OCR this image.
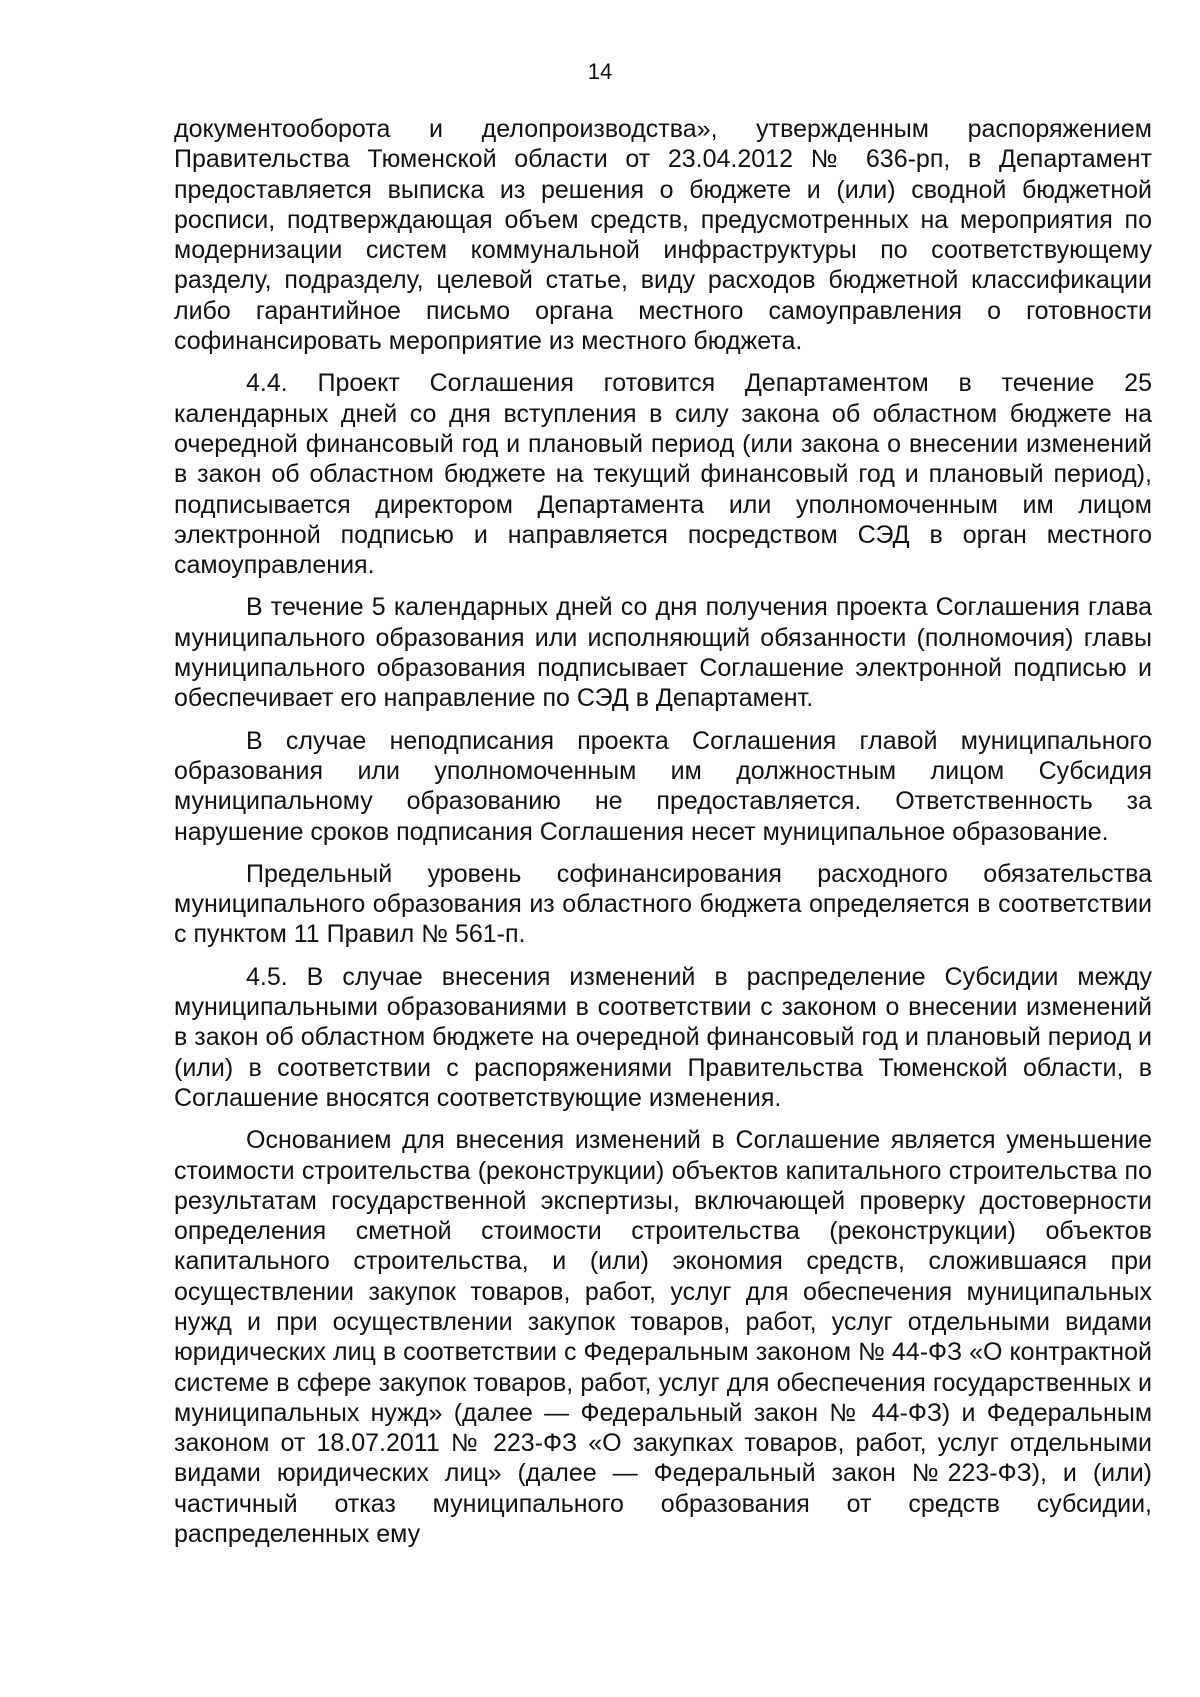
14

документооборота и делопроизводства», утвержденным распоряжением Правительства Тюменской области от 23.04.2012 № 636-рп, в Департамент предоставляется выписка из решения о бюджете и (или) сводной бюджетной росписи, подтверждающая объем средств, предусмотренных на мероприятия по модернизации систем коммунальной инфраструктуры по соответствующему разделу, подразделу, целевой статье, виду расходов бюджетной классификации либо гарантийное письмо органа местного самоуправления о готовности софинансировать мероприятие из местного бюджета.

4.4. Проект Соглашения готовится Департаментом в течение 25 календарных дней со дня вступления в силу закона об областном бюджете на очередной финансовый год и плановый период (или закона о внесении изменений в закон об областном бюджете на текущий финансовый год и плановый период), подписывается директором Департамента или уполномоченным им лицом электронной подписью и направляется посредством СЭД в орган местного самоуправления.

В течение 5 календарных дней со дня получения проекта Соглашения глава муниципального образования или исполняющий обязанности (полномочия) главы муниципального образования подписывает Соглашение электронной подписью и обеспечивает его направление по СЭД в Департамент.

В случае неподписания проекта Соглашения главой муниципального образования или уполномоченным им должностным лицом Субсидия муниципальному образованию не предоставляется. Ответственность за нарушение сроков подписания Соглашения несет муниципальное образование.

Предельный уровень софинансирования расходного обязательства муниципального образования из областного бюджета определяется в соответствии с пунктом 11 Правил № 561-п.

4.5. В случае внесения изменений в распределение Субсидии между муниципальными образованиями в соответствии с законом о внесении изменений в закон об областном бюджете на очередной финансовый год и плановый период и (или) в соответствии с распоряжениями Правительства Тюменской области, в Соглашение вносятся соответствующие изменения.

Основанием для внесения изменений в Соглашение является уменьшение стоимости строительства (реконструкции) объектов капитального строительства по результатам государственной экспертизы, включающей проверку достоверности определения сметной стоимости строительства (реконструкции) объектов капитального строительства, и (или) экономия средств, сложившаяся при осуществлении закупок товаров, работ, услуг для обеспечения муниципальных нужд и при осуществлении закупок товаров, работ, услуг отдельными видами юридических лиц в соответствии с Федеральным законом № 44-ФЗ «О контрактной системе в сфере закупок товаров, работ, услуг для обеспечения государственных и муниципальных нужд» (далее — Федеральный закон № 44-ФЗ) и Федеральным законом от 18.07.2011 № 223-ФЗ «О закупках товаров, работ, услуг отдельными видами юридических лиц» (далее — Федеральный закон №223-ФЗ), и (или) частичный отказ муниципального образования от средств субсидии, распределенных ему
